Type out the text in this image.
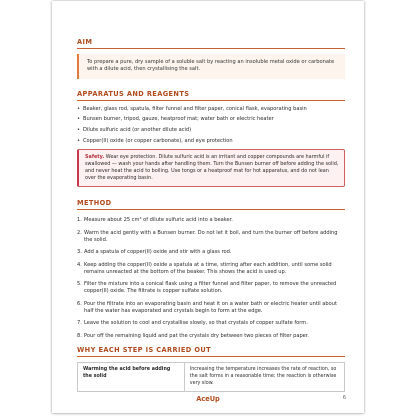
AIM
To prepare a pure, dry sample of a soluble salt by reacting an insoluble metal oxide or carbonate with a dilute acid, then crystallising the salt.
APPARATUS AND REAGENTS
• Beaker, glass rod, spatula, filter funnel and filter paper, conical flask, evaporating basin
• Bunsen burner, tripod, gauze, heatproof mat; water bath or electric heater
• Dilute sulfuric acid (or another dilute acid)
• Copper(II) oxide (or copper carbonate), and eye protection
Safety. Wear eye protection. Dilute sulfuric acid is an irritant and copper compounds are harmful if swallowed — wash your hands after handling them. Turn the Bunsen burner off before adding the solid, and never heat the acid to boiling. Use tongs or a heatproof mat for hot apparatus, and do not lean over the evaporating basin.
METHOD
1. Measure about 25 cm³ of dilute sulfuric acid into a beaker.
2. Warm the acid gently with a Bunsen burner. Do not let it boil, and turn the burner off before adding the solid.
3. Add a spatula of copper(II) oxide and stir with a glass rod.
4. Keep adding the copper(II) oxide a spatula at a time, stirring after each addition, until some solid remains unreacted at the bottom of the beaker. This shows the acid is used up.
5. Filter the mixture into a conical flask using a filter funnel and filter paper, to remove the unreacted copper(II) oxide. The filtrate is copper sulfate solution.
6. Pour the filtrate into an evaporating basin and heat it on a water bath or electric heater until about half the water has evaporated and crystals begin to form at the edge.
7. Leave the solution to cool and crystallise slowly, so that crystals of copper sulfate form.
8. Pour off the remaining liquid and pat the crystals dry between two pieces of filter paper.
WHY EACH STEP IS CARRIED OUT
Warming the acid before adding the solid	Increasing the temperature increases the rate of reaction, so the salt forms in a reasonable time; the reaction is otherwise very slow.
AceUp	6
